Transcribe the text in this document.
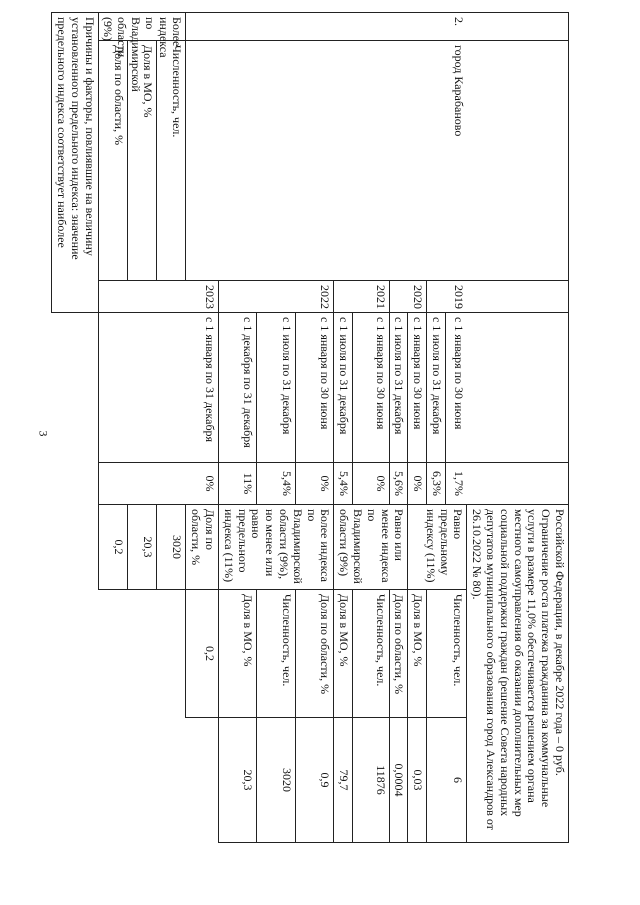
3
					Российской Федерации, в декабре 2022 года – 0 руб. Ограничение роста платежа гражданина за коммунальные услуги в размере 11,0% обеспечивается решением органа местного самоуправления об оказании дополнительных мер социальной поддержки граждан (решение Совета народных депутатов муниципального образования город Александров от 26.10.2022 № 80).		
2.	город Карабаново	2019	с 1 января по 30 июня	1,7%	Равно предельному индексу (11%)	Численность, чел.	6
			с 1 июля по 31 декабря	6,3%			
		2020	с 1 января по 30 июня	0%		Доля в МО, %	0,03
			с 1 июля по 31 декабря	5,6%	Равно или менее индекса по Владимирской области (9%)	Доля по области, %	0,0004
		2021	с 1 января по 30 июня	0%		Численность, чел.	11876
			с 1 июля по 31 декабря	5,4%		Доля в МО, %	79,7
		2022	с 1 января по 30 июня	0%	Более индекса по Владимирской области (9%), но менее или равно предельного индекса (11%)	Доля по области, %	0,9
			с 1 июля по 31 декабря	5,4%		Численность, чел.	3020
			с 1 декабря по 31 декабря	11%		Доля в МО, %	20,3
		2023	с 1 января по 31 декабря	0%	Доля по области, %	0,2	
Более индекса по Владимирской области (9%)	Численность, чел.				3020		
	Доля в МО, %				20,3		
	Доля по области, %				0,2		
Причины и факторы, повлиявшие на величину установленного предельного индекса: значение предельного индекса соответствует наиболее							
